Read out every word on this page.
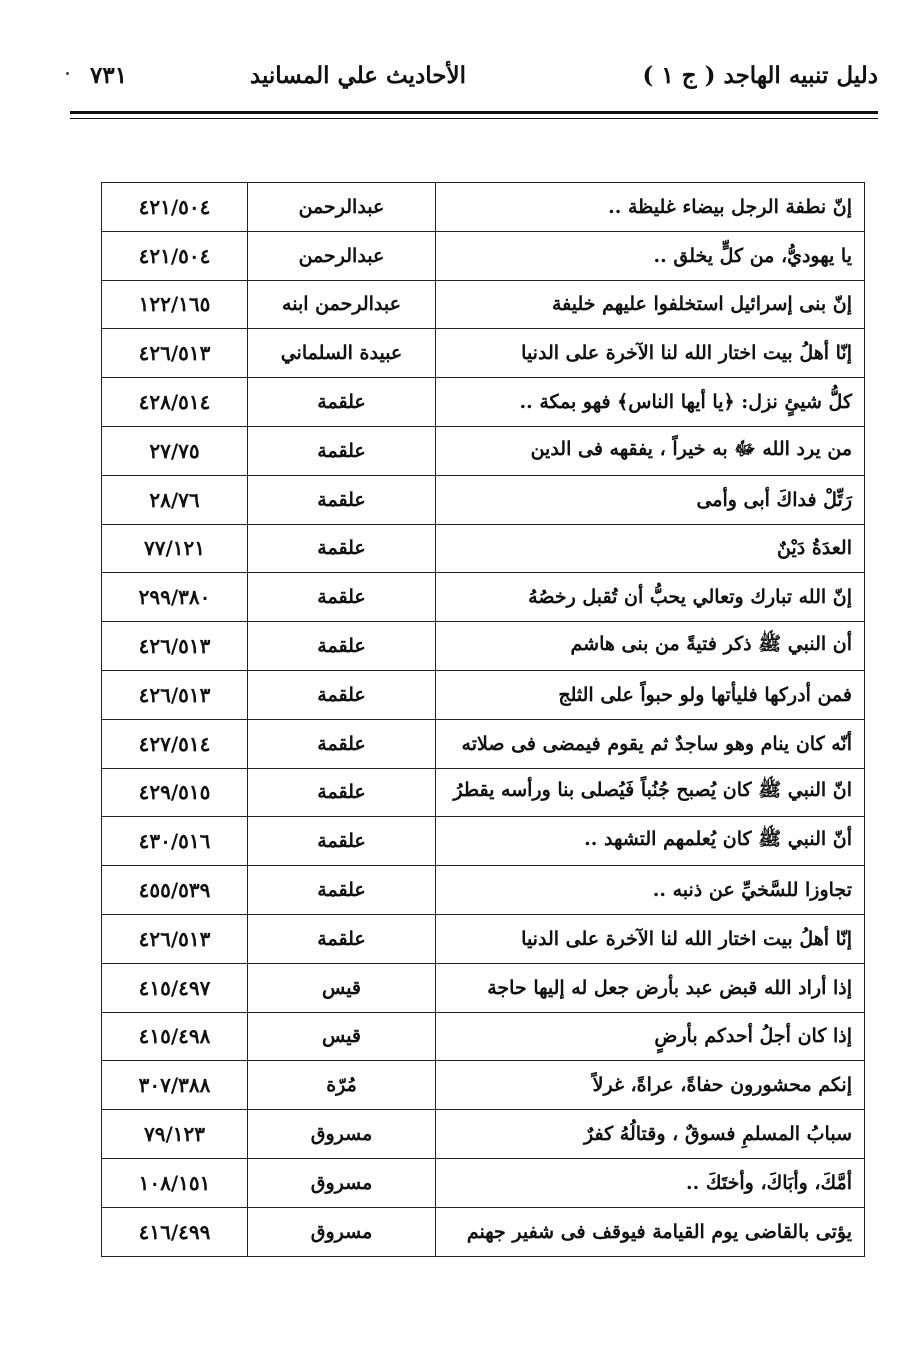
دليل تنبيه الهاجد ( ج ١ )
الأحاديث علي المسانيد
٧٣١
إنّ نطفة الرجل بيضاء غليظة ..	عبدالرحمن	٤٢١/٥٠٤
يا يهوديُّ، من كلٍّ يخلق ..	عبدالرحمن	٤٢١/٥٠٤
إنّ بنى إسرائيل استخلفوا عليهم خليفة	عبدالرحمن ابنه	١٢٢/١٦٥
إنّا أهلُ بيت اختار الله لنا الآخرة على الدنيا	عبيدة السلماني	٤٢٦/٥١٣
كلُّ شيئٍ نزل: ﴿يا أيها الناس﴾ فهو بمكة ..	علقمة	٤٢٨/٥١٤
من يرد الله ﷻ به خيراً ، يفقهه فى الدين	علقمة	٢٧/٧٥
رَتِّلْ فداكَ أبى وأمى	علقمة	٢٨/٧٦
العدَةُ دَيْنٌ	علقمة	٧٧/١٢١
إنّ الله تبارك وتعالي يحبُّ أن تُقبل رخصُهُ	علقمة	٢٩٩/٣٨٠
أن النبي ﷺ ذكر فتيةً من بنى هاشم	علقمة	٤٢٦/٥١٣
فمن أدركها فليأتها ولو حبواً على الثلج	علقمة	٤٢٦/٥١٣
أنّه كان ينام وهو ساجدٌ ثم يقوم فيمضى فى صلاته	علقمة	٤٢٧/٥١٤
انّ النبي ﷺ كان يُصبح جُنُباً فَيُصلى بنا ورأسه يقطرُ	علقمة	٤٢٩/٥١٥
أنّ النبي ﷺ كان يُعلمهم التشهد ..	علقمة	٤٣٠/٥١٦
تجاوزا للسَّخيِّ عن ذنبه ..	علقمة	٤٥٥/٥٣٩
إنّا أهلُ بيت اختار الله لنا الآخرة على الدنيا	علقمة	٤٢٦/٥١٣
إذا أراد الله قبض عبد بأرض جعل له إليها حاجة	قيس	٤١٥/٤٩٧
إذا كان أجلُ أحدكم بأرضٍ	قيس	٤١٥/٤٩٨
إنكم محشورون حفاةً، عراةً، غرلاً	مُرّة	٣٠٧/٣٨٨
سبابُ المسلمِ فسوقٌ ، وقتالُهُ كفرٌ	مسروق	٧٩/١٢٣
أمَّكَ، وأبَاكَ، وأختَكَ ..	مسروق	١٠٨/١٥١
يؤتى بالقاضى يوم القيامة فيوقف فى شفير جهنم	مسروق	٤١٦/٤٩٩
